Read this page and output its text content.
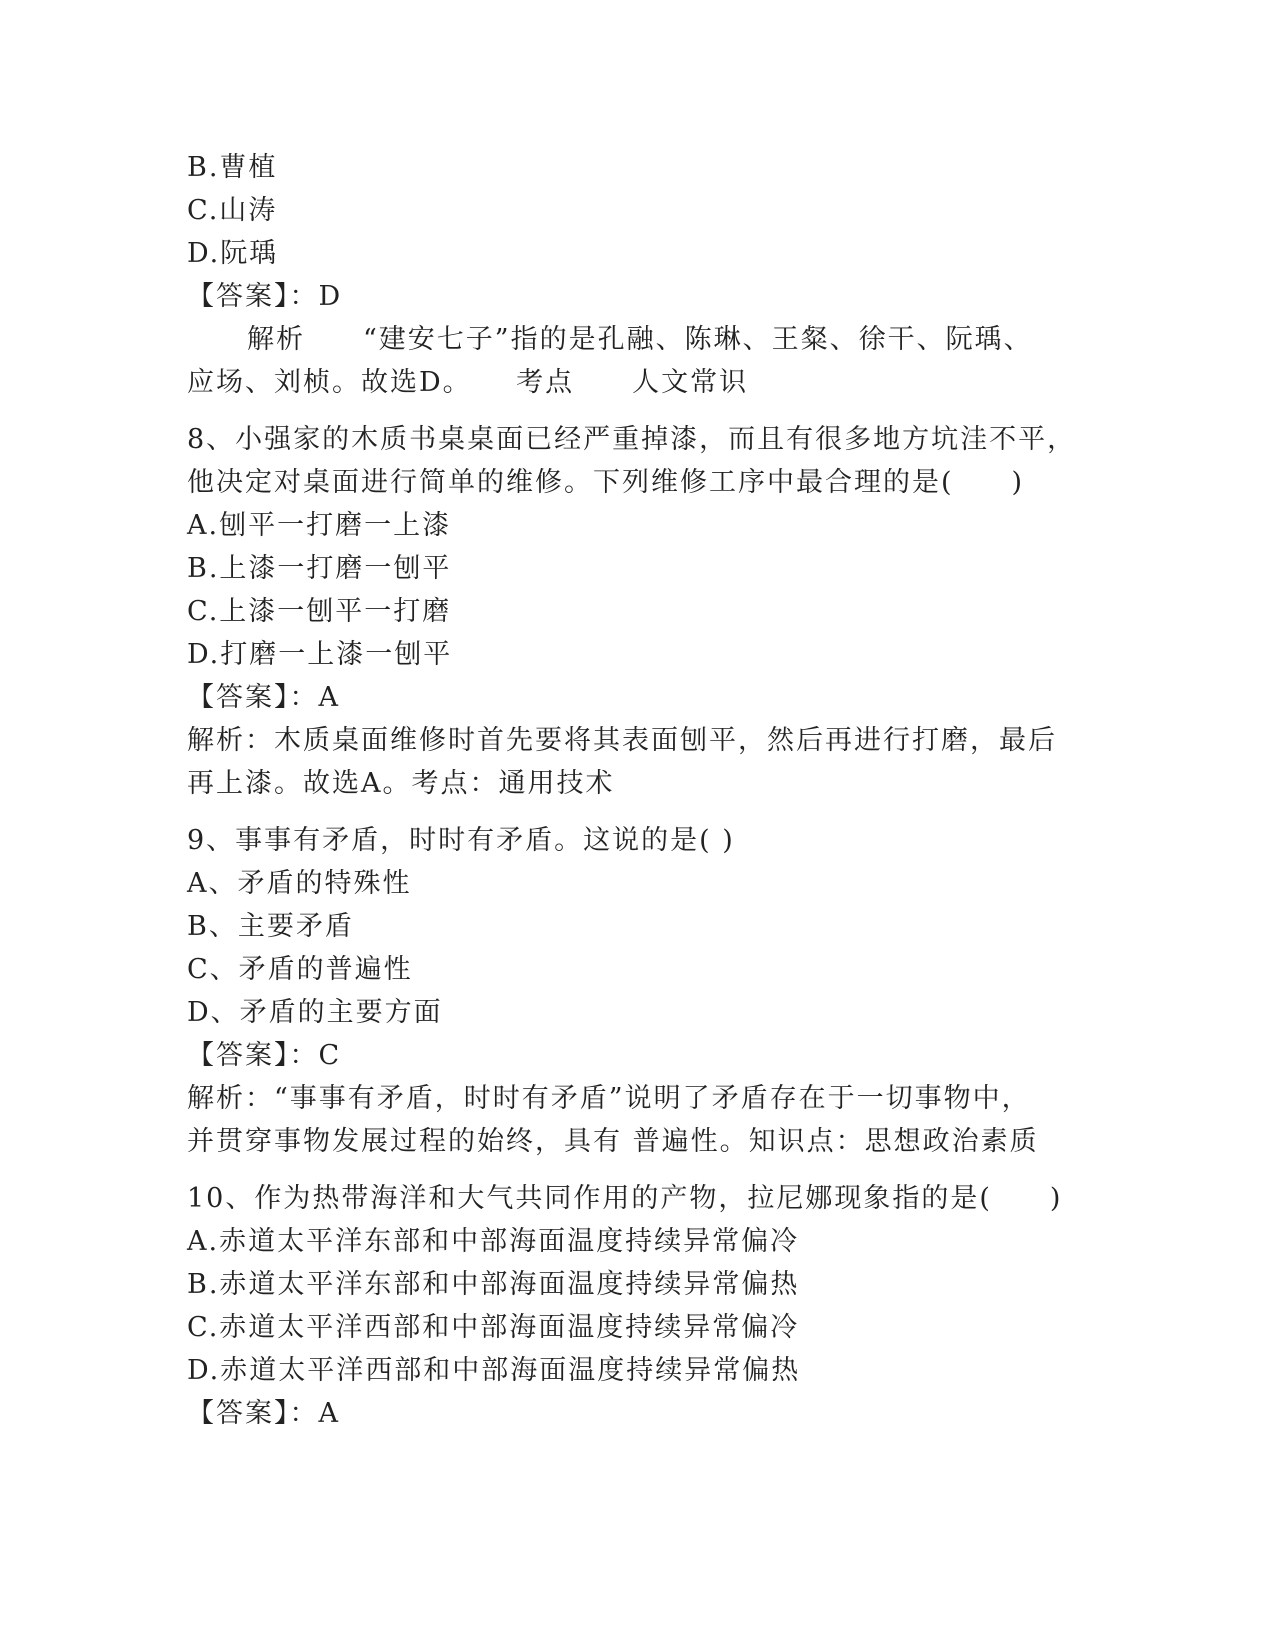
B.曹植
C.山涛
D.阮瑀
【答案】：D
解析　　“建安七子”指的是孔融、陈琳、王粲、徐干、阮瑀、
应场、刘桢。故选D。　　考点　　人文常识
8、小强家的木质书桌桌面已经严重掉漆，而且有很多地方坑洼不平，
他决定对桌面进行简单的维修。下列维修工序中最合理的是(　　)
A.刨平一打磨一上漆
B.上漆一打磨一刨平
C.上漆一刨平一打磨
D.打磨一上漆一刨平
【答案】：A
解析：木质桌面维修时首先要将其表面刨平，然后再进行打磨，最后
再上漆。故选A。考点：通用技术
9、事事有矛盾，时时有矛盾。这说的是( )
A、矛盾的特殊性
B、主要矛盾
C、矛盾的普遍性
D、矛盾的主要方面
【答案】：C
解析：“事事有矛盾，时时有矛盾”说明了矛盾存在于一切事物中，
并贯穿事物发展过程的始终，具有 普遍性。知识点：思想政治素质
10、作为热带海洋和大气共同作用的产物，拉尼娜现象指的是(　　)
A.赤道太平洋东部和中部海面温度持续异常偏冷
B.赤道太平洋东部和中部海面温度持续异常偏热
C.赤道太平洋西部和中部海面温度持续异常偏冷
D.赤道太平洋西部和中部海面温度持续异常偏热
【答案】：A
